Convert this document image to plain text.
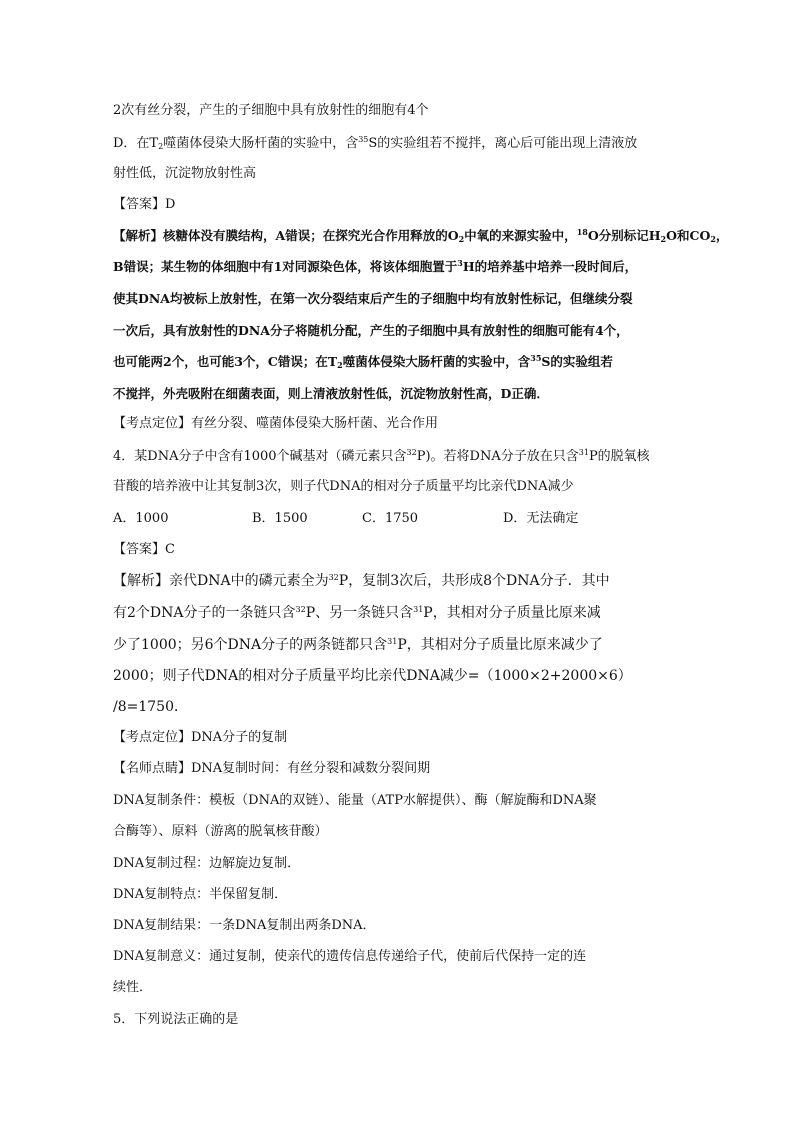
2次有丝分裂，产生的子细胞中具有放射性的细胞有4个
D．在$T_2$噬菌体侵染大肠杆菌的实验中，含$^{35}$S的实验组若不搅拌，离心后可能出现上清液放
射性低，沉淀物放射性高
【答案】D
【解析】核糖体没有膜结构，A错误；在探究光合作用释放的$O_2$中氧的来源实验中，$^{18}$O分别标记$H_2O$和$CO_2$，
B错误；某生物的体细胞中有1对同源染色体，将该体细胞置于$^3$H的培养基中培养一段时间后，
使其DNA均被标上放射性，在第一次分裂结束后产生的子细胞中均有放射性标记，但继续分裂
一次后，具有放射性的DNA分子将随机分配，产生的子细胞中具有放射性的细胞可能有4个，
也可能两2个，也可能3个，C错误；在$T_2$噬菌体侵染大肠杆菌的实验中，含$^{35}$S的实验组若
不搅拌，外壳吸附在细菌表面，则上清液放射性低，沉淀物放射性高，D正确．
【考点定位】有丝分裂、噬菌体侵染大肠杆菌、光合作用
4．某DNA分子中含有1000个碱基对（磷元素只含$^{32}$P)。若将DNA分子放在只含$^{31}$P的脱氧核
苷酸的培养液中让其复制3次，则子代DNA的相对分子质量平均比亲代DNA减少
A．1000	B．1500	C．1750	D．无法确定
【答案】C
【解析】亲代DNA中的磷元素全为$^{32}$P，复制3次后，共形成8个DNA分子．其中
有2个DNA分子的一条链只含$^{32}$P、另一条链只含$^{31}$P，其相对分子质量比原来减
少了1000；另6个DNA分子的两条链都只含$^{31}$P，其相对分子质量比原来减少了
2000；则子代DNA的相对分子质量平均比亲代DNA减少=（1000×2+2000×6）
/8=1750．
【考点定位】DNA分子的复制
【名师点睛】DNA复制时间：有丝分裂和减数分裂间期
DNA复制条件：模板（DNA的双链）、能量（ATP水解提供）、酶（解旋酶和DNA聚
合酶等）、原料（游离的脱氧核苷酸）
DNA复制过程：边解旋边复制．
DNA复制特点：半保留复制．
DNA复制结果：一条DNA复制出两条DNA．
DNA复制意义：通过复制，使亲代的遗传信息传递给子代，使前后代保持一定的连
续性．
5．下列说法正确的是
